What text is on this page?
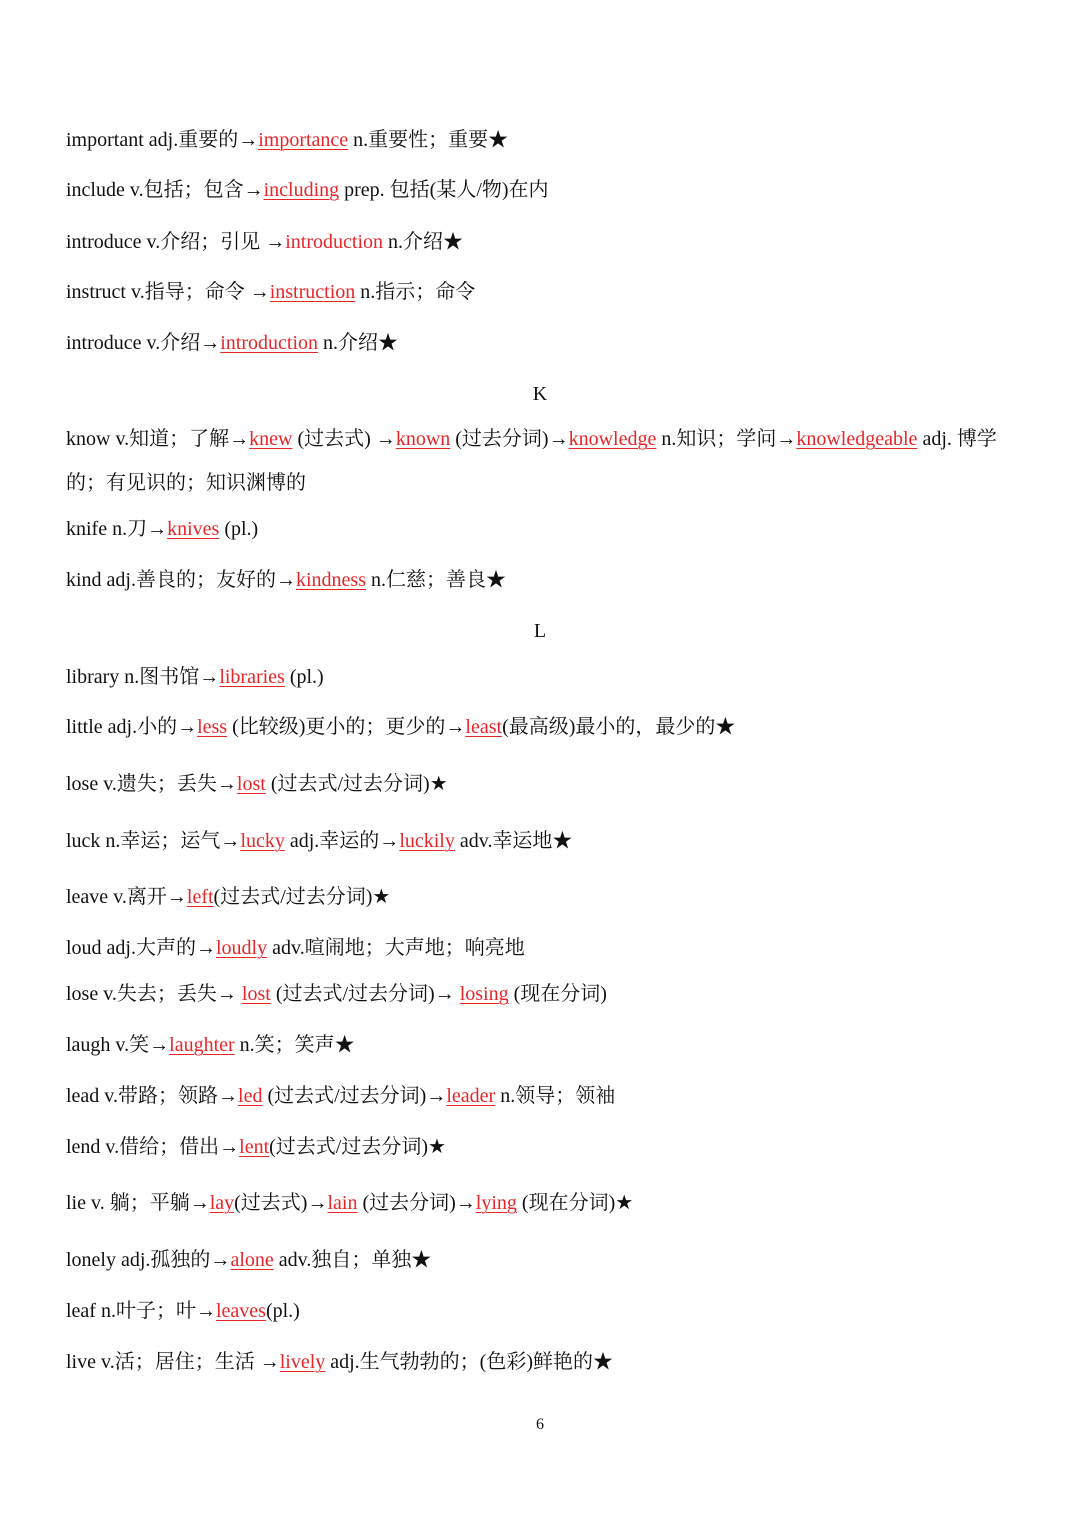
important adj.重要的→importance n.重要性；重要★
include v.包括；包含→including prep. 包括(某人/物)在内
introduce v.介绍；引见 →introduction n.介绍★
instruct v.指导；命令 →instruction n.指示；命令
introduce v.介绍→introduction n.介绍★
K
know v.知道；了解→knew (过去式) →known (过去分词)→knowledge n.知识；学问→knowledgeable adj. 博学的；有见识的；知识渊博的
knife n.刀→knives (pl.)
kind adj.善良的；友好的→kindness n.仁慈；善良★
L
library n.图书馆→libraries (pl.)
little adj.小的→less (比较级)更小的；更少的→least(最高级)最小的，最少的★
lose v.遗失；丢失→lost (过去式/过去分词)★
luck n.幸运；运气→lucky adj.幸运的→luckily adv.幸运地★
leave v.离开→left(过去式/过去分词)★
loud adj.大声的→loudly adv.喧闹地；大声地；响亮地
lose v.失去；丢失→ lost (过去式/过去分词)→ losing (现在分词)
laugh v.笑→laughter n.笑；笑声★
lead v.带路；领路→led (过去式/过去分词)→leader n.领导；领袖
lend v.借给；借出→lent(过去式/过去分词)★
lie v. 躺；平躺→lay(过去式)→lain (过去分词)→lying (现在分词)★
lonely adj.孤独的→alone adv.独自；单独★
leaf n.叶子；叶→leaves(pl.)
live v.活；居住；生活 →lively adj.生气勃勃的；(色彩)鲜艳的★
6
